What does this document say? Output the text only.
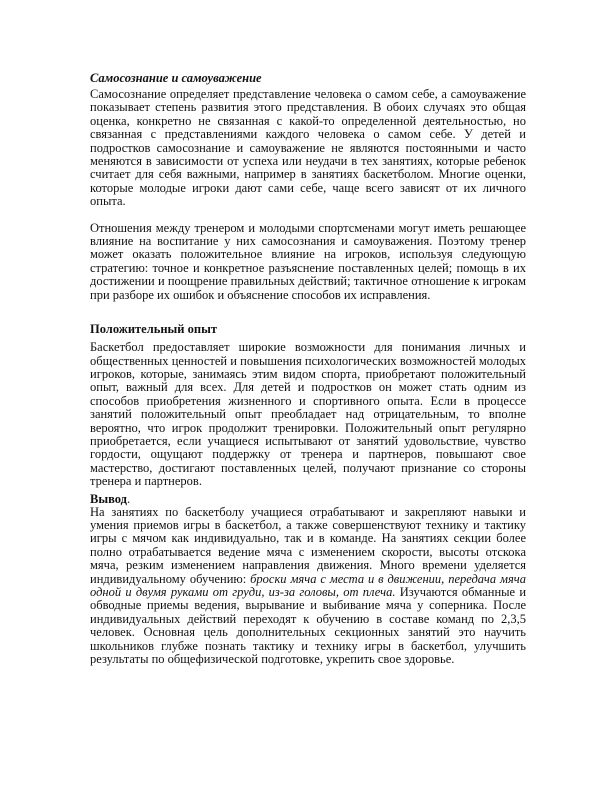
Самосознание и самоуважение

Самосознание определяет представление человека о самом себе, а самоуважение показывает степень развития этого представления. В обоих случаях это общая оценка, конкретно не связанная с какой-то определенной деятельностью, но связанная с представлениями каждого человека о самом себе. У детей и подростков самосознание и самоуважение не являются постоянными и часто меняются в зависимости от успеха или неудачи в тех занятиях, которые ребенок считает для себя важными, например в занятиях баскетболом. Многие оценки, которые молодые игроки дают сами себе, чаще всего зависят от их личного опыта.

Отношения между тренером и молодыми спортсменами могут иметь решающее влияние на воспитание у них самосознания и самоуважения. Поэтому тренер может оказать положительное влияние на игроков, используя следующую стратегию: точное и конкретное разъяснение поставленных целей; помощь в их достижении и поощрение правильных действий; тактичное отношение к игрокам при разборе их ошибок и объяснение способов их исправления.

Положительный опыт

Баскетбол предоставляет широкие возможности для понимания личных и общественных ценностей и повышения психологических возможностей молодых игроков, которые, занимаясь этим видом спорта, приобретают положительный опыт, важный для всех. Для детей и подростков он может стать одним из способов приобретения жизненного и спортивного опыта. Если в процессе занятий положительный опыт преобладает над отрицательным, то вполне вероятно, что игрок продолжит тренировки. Положительный опыт регулярно приобретается, если учащиеся испытывают от занятий удовольствие, чувство гордости, ощущают поддержку от тренера и партнеров, повышают свое мастерство, достигают поставленных целей, получают признание со стороны тренера и партнеров.

Вывод.

На занятиях по баскетболу учащиеся отрабатывают и закрепляют навыки и умения приемов игры в баскетбол, а также совершенствуют технику и тактику игры с мячом как индивидуально, так и в команде. На занятиях секции более полно отрабатывается ведение мяча с изменением скорости, высоты отскока мяча, резким изменением направления движения. Много времени уделяется индивидуальному обучению: броски мяча с места и в движении, передача мяча одной и двумя руками от груди, из-за головы, от плеча. Изучаются обманные и обводные приемы ведения, вырывание и выбивание мяча у соперника. После индивидуальных действий переходят к обучению в составе команд по 2,3,5 человек. Основная цель дополнительных секционных занятий это научить школьников глубже познать тактику и технику игры в баскетбол, улучшить результаты по общефизической подготовке, укрепить свое здоровье.
